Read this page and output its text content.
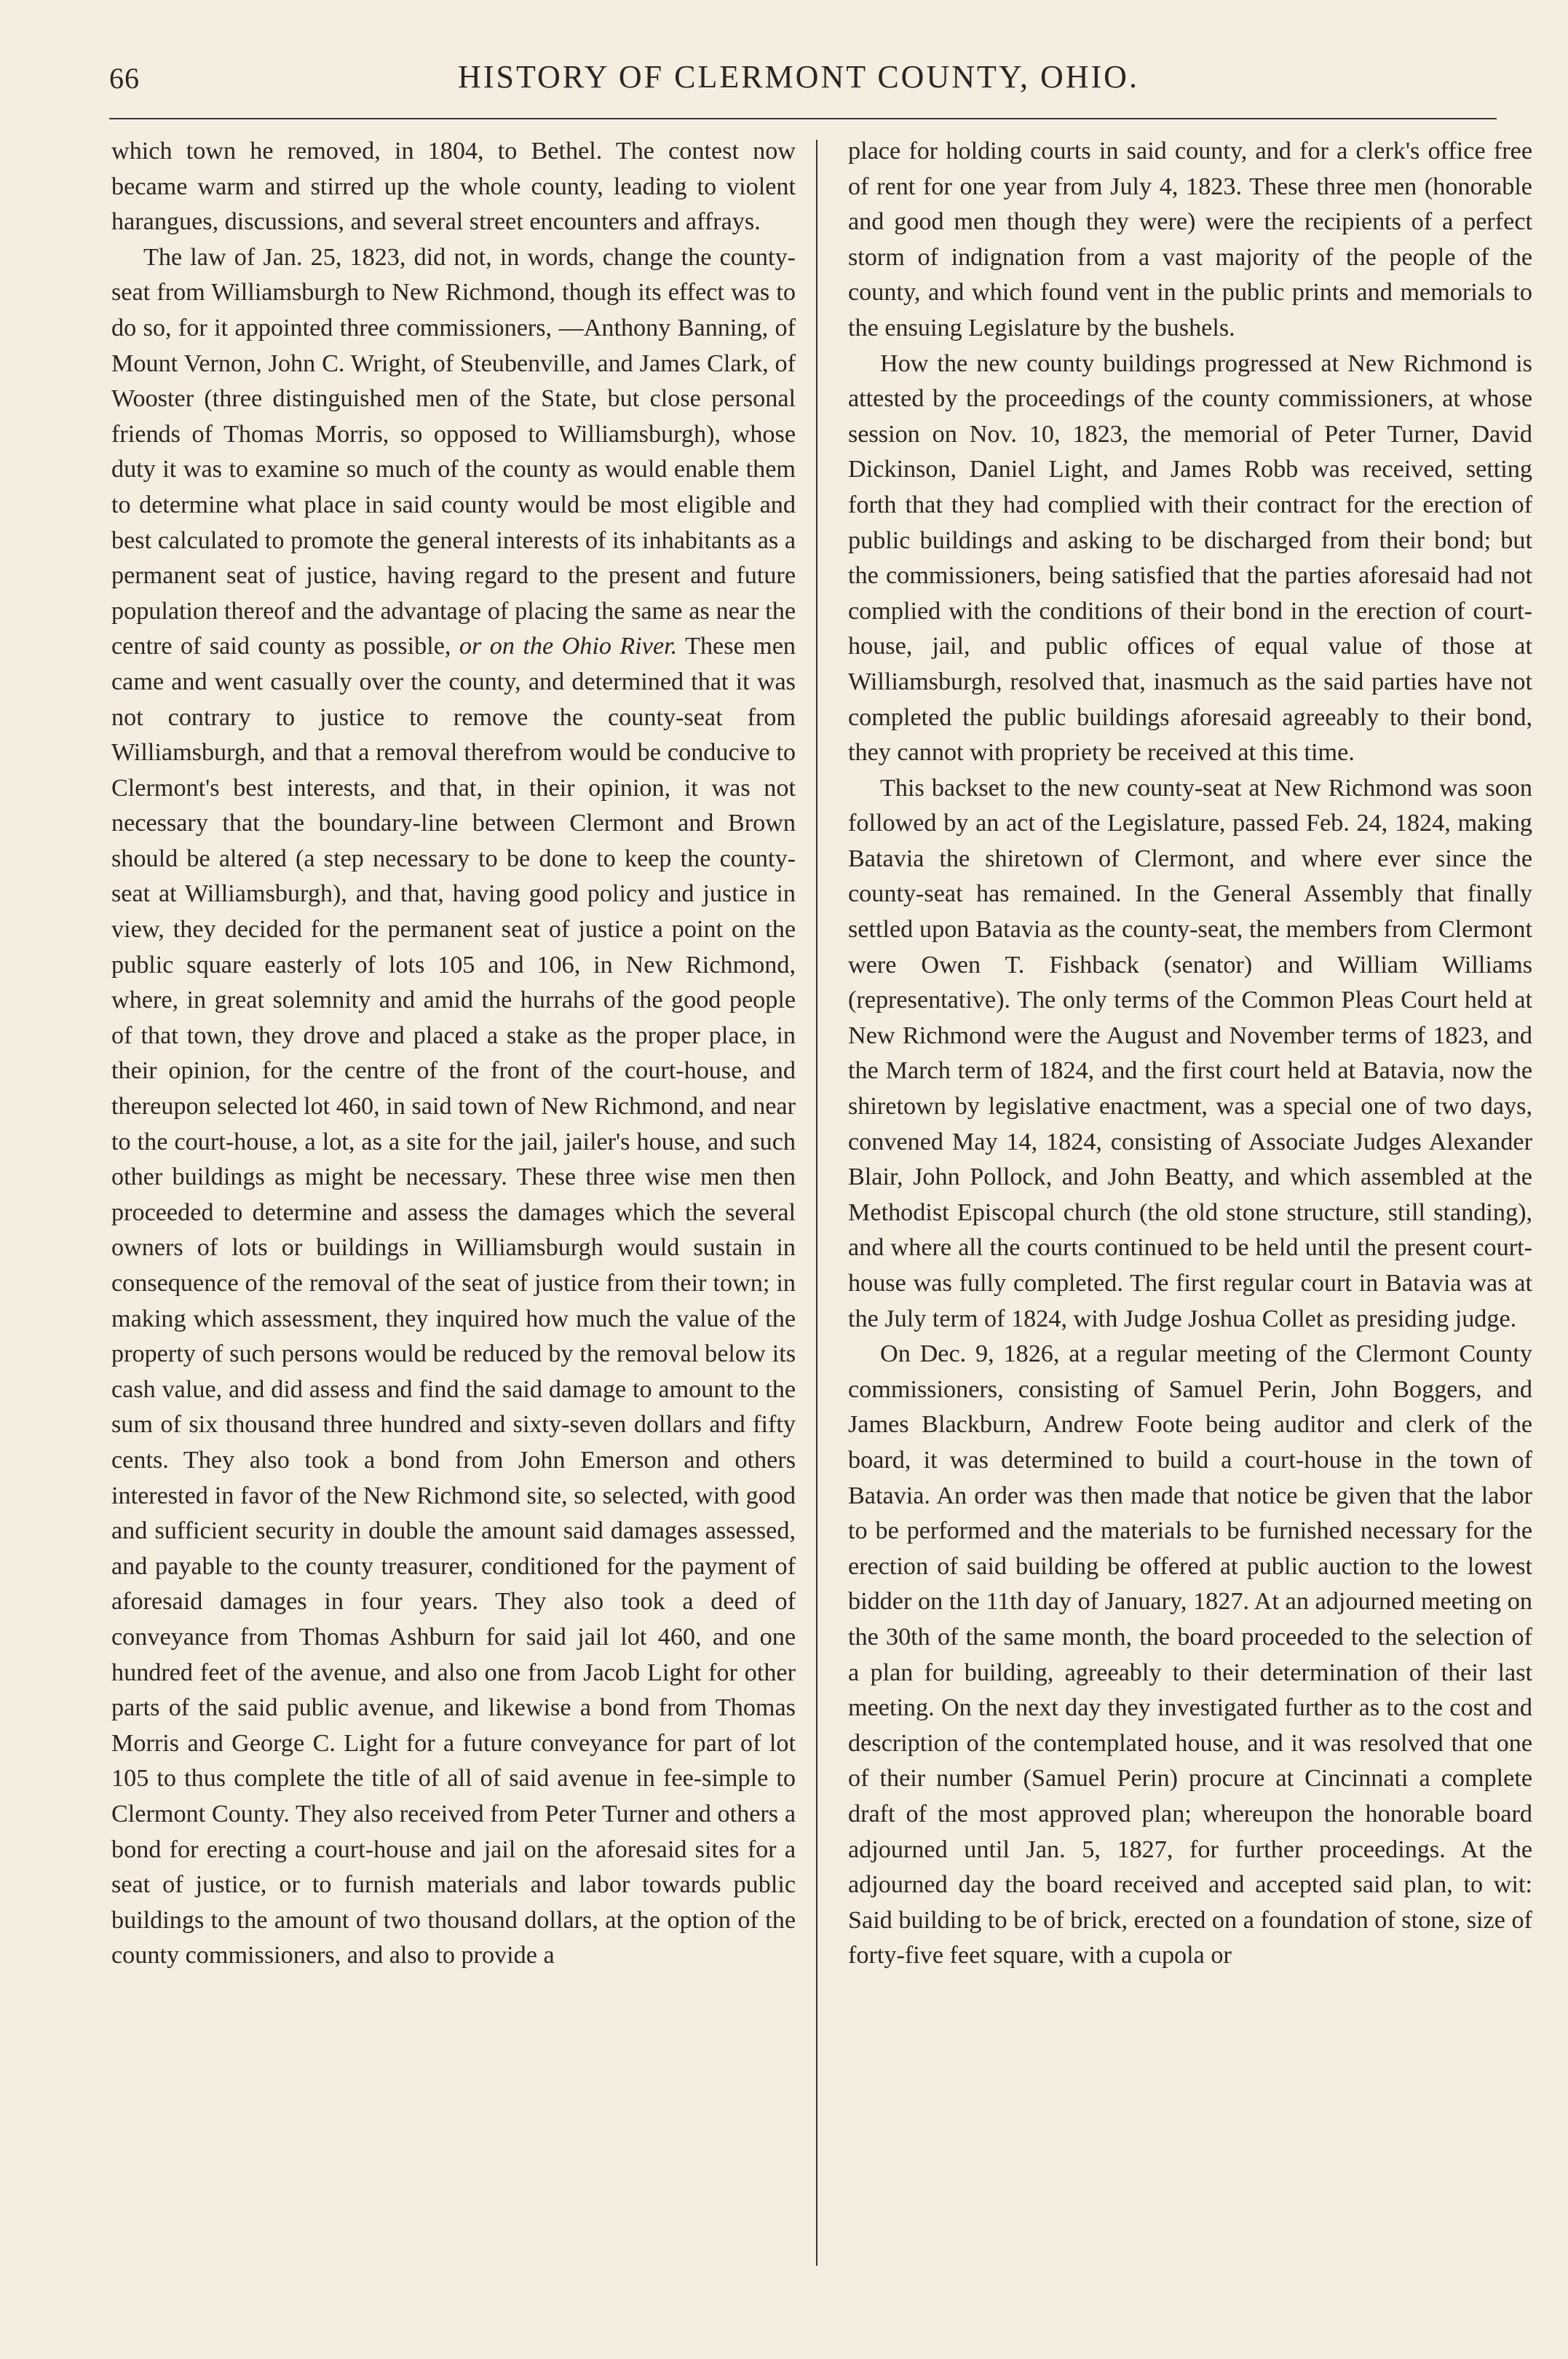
66	HISTORY OF CLERMONT COUNTY, OHIO.

which town he removed, in 1804, to Bethel. The contest now became warm and stirred up the whole county, leading to violent harangues, discussions, and several street encounters and affrays.

The law of Jan. 25, 1823, did not, in words, change the county-seat from Williamsburgh to New Richmond, though its effect was to do so, for it appointed three commissioners, —Anthony Banning, of Mount Vernon, John C. Wright, of Steubenville, and James Clark, of Wooster (three distinguished men of the State, but close personal friends of Thomas Morris, so opposed to Williamsburgh), whose duty it was to examine so much of the county as would enable them to determine what place in said county would be most eligible and best calculated to promote the general interests of its inhabitants as a permanent seat of justice, having regard to the present and future population thereof and the advantage of placing the same as near the centre of said county as possible, or on the Ohio River. These men came and went casually over the county, and determined that it was not contrary to justice to remove the county-seat from Williamsburgh, and that a removal therefrom would be conducive to Clermont's best interests, and that, in their opinion, it was not necessary that the boundary-line between Clermont and Brown should be altered (a step necessary to be done to keep the county-seat at Williamsburgh), and that, having good policy and justice in view, they decided for the permanent seat of justice a point on the public square easterly of lots 105 and 106, in New Richmond, where, in great solemnity and amid the hurrahs of the good people of that town, they drove and placed a stake as the proper place, in their opinion, for the centre of the front of the court-house, and thereupon selected lot 460, in said town of New Richmond, and near to the court-house, a lot, as a site for the jail, jailer's house, and such other buildings as might be necessary. These three wise men then proceeded to determine and assess the damages which the several owners of lots or buildings in Williamsburgh would sustain in consequence of the removal of the seat of justice from their town; in making which assessment, they inquired how much the value of the property of such persons would be reduced by the removal below its cash value, and did assess and find the said damage to amount to the sum of six thousand three hundred and sixty-seven dollars and fifty cents. They also took a bond from John Emerson and others interested in favor of the New Richmond site, so selected, with good and sufficient security in double the amount said damages assessed, and payable to the county treasurer, conditioned for the payment of aforesaid damages in four years. They also took a deed of conveyance from Thomas Ashburn for said jail lot 460, and one hundred feet of the avenue, and also one from Jacob Light for other parts of the said public avenue, and likewise a bond from Thomas Morris and George C. Light for a future conveyance for part of lot 105 to thus complete the title of all of said avenue in fee-simple to Clermont County. They also received from Peter Turner and others a bond for erecting a court-house and jail on the aforesaid sites for a seat of justice, or to furnish materials and labor towards public buildings to the amount of two thousand dollars, at the option of the county commissioners, and also to provide a

place for holding courts in said county, and for a clerk's office free of rent for one year from July 4, 1823. These three men (honorable and good men though they were) were the recipients of a perfect storm of indignation from a vast majority of the people of the county, and which found vent in the public prints and memorials to the ensuing Legislature by the bushels.

How the new county buildings progressed at New Richmond is attested by the proceedings of the county commissioners, at whose session on Nov. 10, 1823, the memorial of Peter Turner, David Dickinson, Daniel Light, and James Robb was received, setting forth that they had complied with their contract for the erection of public buildings and asking to be discharged from their bond; but the commissioners, being satisfied that the parties aforesaid had not complied with the conditions of their bond in the erection of court-house, jail, and public offices of equal value of those at Williamsburgh, resolved that, inasmuch as the said parties have not completed the public buildings aforesaid agreeably to their bond, they cannot with propriety be received at this time.

This backset to the new county-seat at New Richmond was soon followed by an act of the Legislature, passed Feb. 24, 1824, making Batavia the shiretown of Clermont, and where ever since the county-seat has remained. In the General Assembly that finally settled upon Batavia as the county-seat, the members from Clermont were Owen T. Fishback (senator) and William Williams (representative). The only terms of the Common Pleas Court held at New Richmond were the August and November terms of 1823, and the March term of 1824, and the first court held at Batavia, now the shiretown by legislative enactment, was a special one of two days, convened May 14, 1824, consisting of Associate Judges Alexander Blair, John Pollock, and John Beatty, and which assembled at the Methodist Episcopal church (the old stone structure, still standing), and where all the courts continued to be held until the present court-house was fully completed. The first regular court in Batavia was at the July term of 1824, with Judge Joshua Collet as presiding judge.

On Dec. 9, 1826, at a regular meeting of the Clermont County commissioners, consisting of Samuel Perin, John Boggers, and James Blackburn, Andrew Foote being auditor and clerk of the board, it was determined to build a court-house in the town of Batavia. An order was then made that notice be given that the labor to be performed and the materials to be furnished necessary for the erection of said building be offered at public auction to the lowest bidder on the 11th day of January, 1827. At an adjourned meeting on the 30th of the same month, the board proceeded to the selection of a plan for building, agreeably to their determination of their last meeting. On the next day they investigated further as to the cost and description of the contemplated house, and it was resolved that one of their number (Samuel Perin) procure at Cincinnati a complete draft of the most approved plan; whereupon the honorable board adjourned until Jan. 5, 1827, for further proceedings. At the adjourned day the board received and accepted said plan, to wit: Said building to be of brick, erected on a foundation of stone, size of forty-five feet square, with a cupola or
